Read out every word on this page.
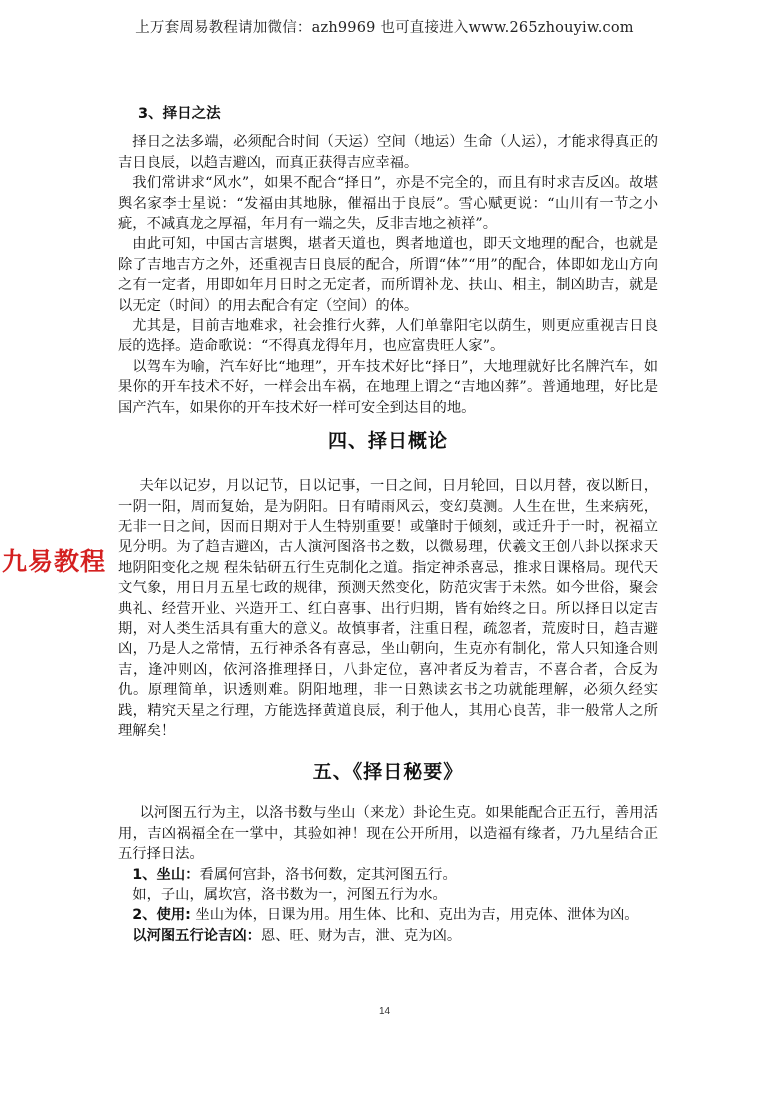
上万套周易教程请加微信：azh9969 也可直接进入www.265zhouyiw.com
九易教程

3、择日之法

择日之法多端，必须配合时间（天运）空间（地运）生命（人运），才能求得真正的吉日良辰，以趋吉避凶，而真正获得吉应幸福。

我们常讲求“风水”，如果不配合“择日”，亦是不完全的，而且有时求吉反凶。故堪舆名家李士星说：“发福由其地脉，催福出于良辰”。雪心赋更说：“山川有一节之小疵，不减真龙之厚福，年月有一端之失，反非吉地之祯祥”。

由此可知，中国古言堪舆，堪者天道也，舆者地道也，即天文地理的配合，也就是除了吉地吉方之外，还重视吉日良辰的配合，所谓“体”“用”的配合，体即如龙山方向之有一定者，用即如年月日时之无定者，而所谓补龙、扶山、相主，制凶助吉，就是以无定（时间）的用去配合有定（空间）的体。

尤其是，目前吉地难求，社会推行火葬，人们单靠阳宅以荫生，则更应重视吉日良辰的选择。造命歌说：“不得真龙得年月，也应富贵旺人家”。

以驾车为喻，汽车好比“地理”，开车技术好比“择日”，大地理就好比名牌汽车，如果你的开车技术不好，一样会出车祸，在地理上谓之“吉地凶葬”。普通地理，好比是国产汽车，如果你的开车技术好一样可安全到达目的地。

四、择日概论

夫年以记岁，月以记节，日以记事，一日之间，日月轮回，日以月替，夜以断日，一阴一阳，周而复始，是为阴阳。日有晴雨风云，变幻莫测。人生在世，生来病死，无非一日之间，因而日期对于人生特别重要！或肇时于倾刻，或迁升于一时，祝福立见分明。为了趋吉避凶，古人演河图洛书之数，以微易理，伏羲文王创八卦以探求天地阴阳变化之规 程朱钻研五行生克制化之道。指定神杀喜忌，推求日课格局。现代天文气象，用日月五星七政的规律，预测天然变化，防范灾害于未然。如今世俗，聚会典礼、经营开业、兴造开工、红白喜事、出行归期，皆有始终之日。所以择日以定吉期，对人类生活具有重大的意义。故慎事者，注重日程，疏忽者，荒废时日，趋吉避凶，乃是人之常情，五行神杀各有喜忌，坐山朝向，生克亦有制化，常人只知逢合则吉，逢冲则凶，依河洛推理择日，八卦定位，喜冲者反为着吉，不喜合者，合反为仇。原理简单，识透则难。阴阳地理，非一日熟读玄书之功就能理解，必须久经实践，精究天星之行理，方能选择黄道良辰，利于他人，其用心良苦，非一般常人之所理解矣！

五、《择日秘要》

以河图五行为主，以洛书数与坐山（来龙）卦论生克。如果能配合正五行，善用活用，吉凶祸福全在一掌中，其验如神！现在公开所用，以造福有缘者，乃九星结合正五行择日法。

1、坐山：看属何宫卦，洛书何数，定其河图五行。

如，子山，属坎宫，洛书数为一，河图五行为水。

2、使用: 坐山为体，日课为用。用生体、比和、克出为吉，用克体、泄体为凶。

以河图五行论吉凶：恩、旺、财为吉，泄、克为凶。

14
